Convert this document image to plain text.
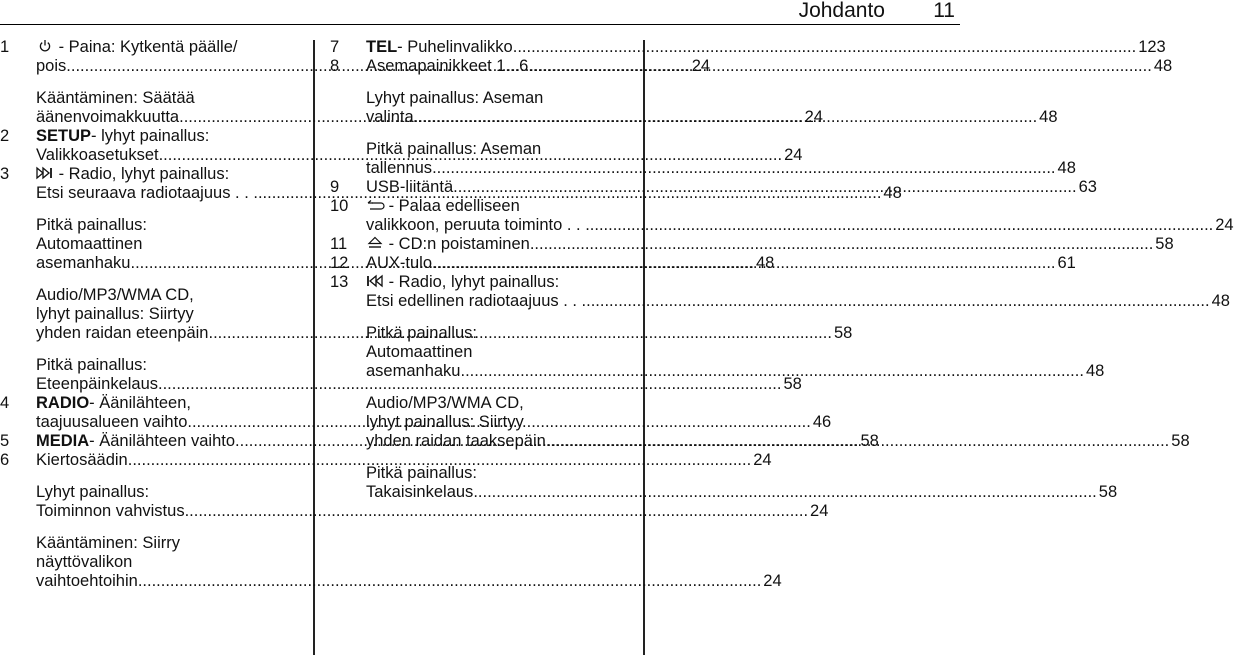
Johdanto 11
1
	- Paina: Kytkentä päälle/
pois .....	24
Kääntäminen: Säätää
äänenvoimakkuutta .....	24
2	SETUP - lyhyt painallus:
Valikkoasetukset .....	24
3
	- Radio, lyhyt painallus:
Etsi seuraava radiotaajuus . . . .....	48
Pitkä painallus:
Automaattinen
asemanhaku .....	48
Audio/MP3/WMA CD,
lyhyt painallus: Siirtyy
yhden raidan eteenpäin .....	58
Pitkä painallus:
Eteenpäinkelaus .....	58
4	RADIO - Äänilähteen,
taajuusalueen vaihto .....	46
5	MEDIA - Äänilähteen vaihto .....	58
6	Kiertosäädin .....	24
Lyhyt painallus:
Toiminnon vahvistus .....	24
Kääntäminen: Siirry
näyttövalikon
vaihtoehtoihin .....	24
7	TEL - Puhelinvalikko .....	123
8	Asemapainikkeet 1...6 .....	48
Lyhyt painallus: Aseman
valinta .....	48
Pitkä painallus: Aseman
tallennus .....	48
9	USB-liitäntä .....	63
10
	- Palaa edelliseen
valikkoon, peruuta toiminto . . . .....	24
11
	- CD:n poistaminen .....	58
12	AUX-tulo .....	61
13
	- Radio, lyhyt painallus:
Etsi edellinen radiotaajuus . . . .....	48
Pitkä painallus:
Automaattinen
asemanhaku .....	48
Audio/MP3/WMA CD,
lyhyt painallus: Siirtyy
yhden raidan taaksepäin .....	58
Pitkä painallus:
Takaisinkelaus .....	58
